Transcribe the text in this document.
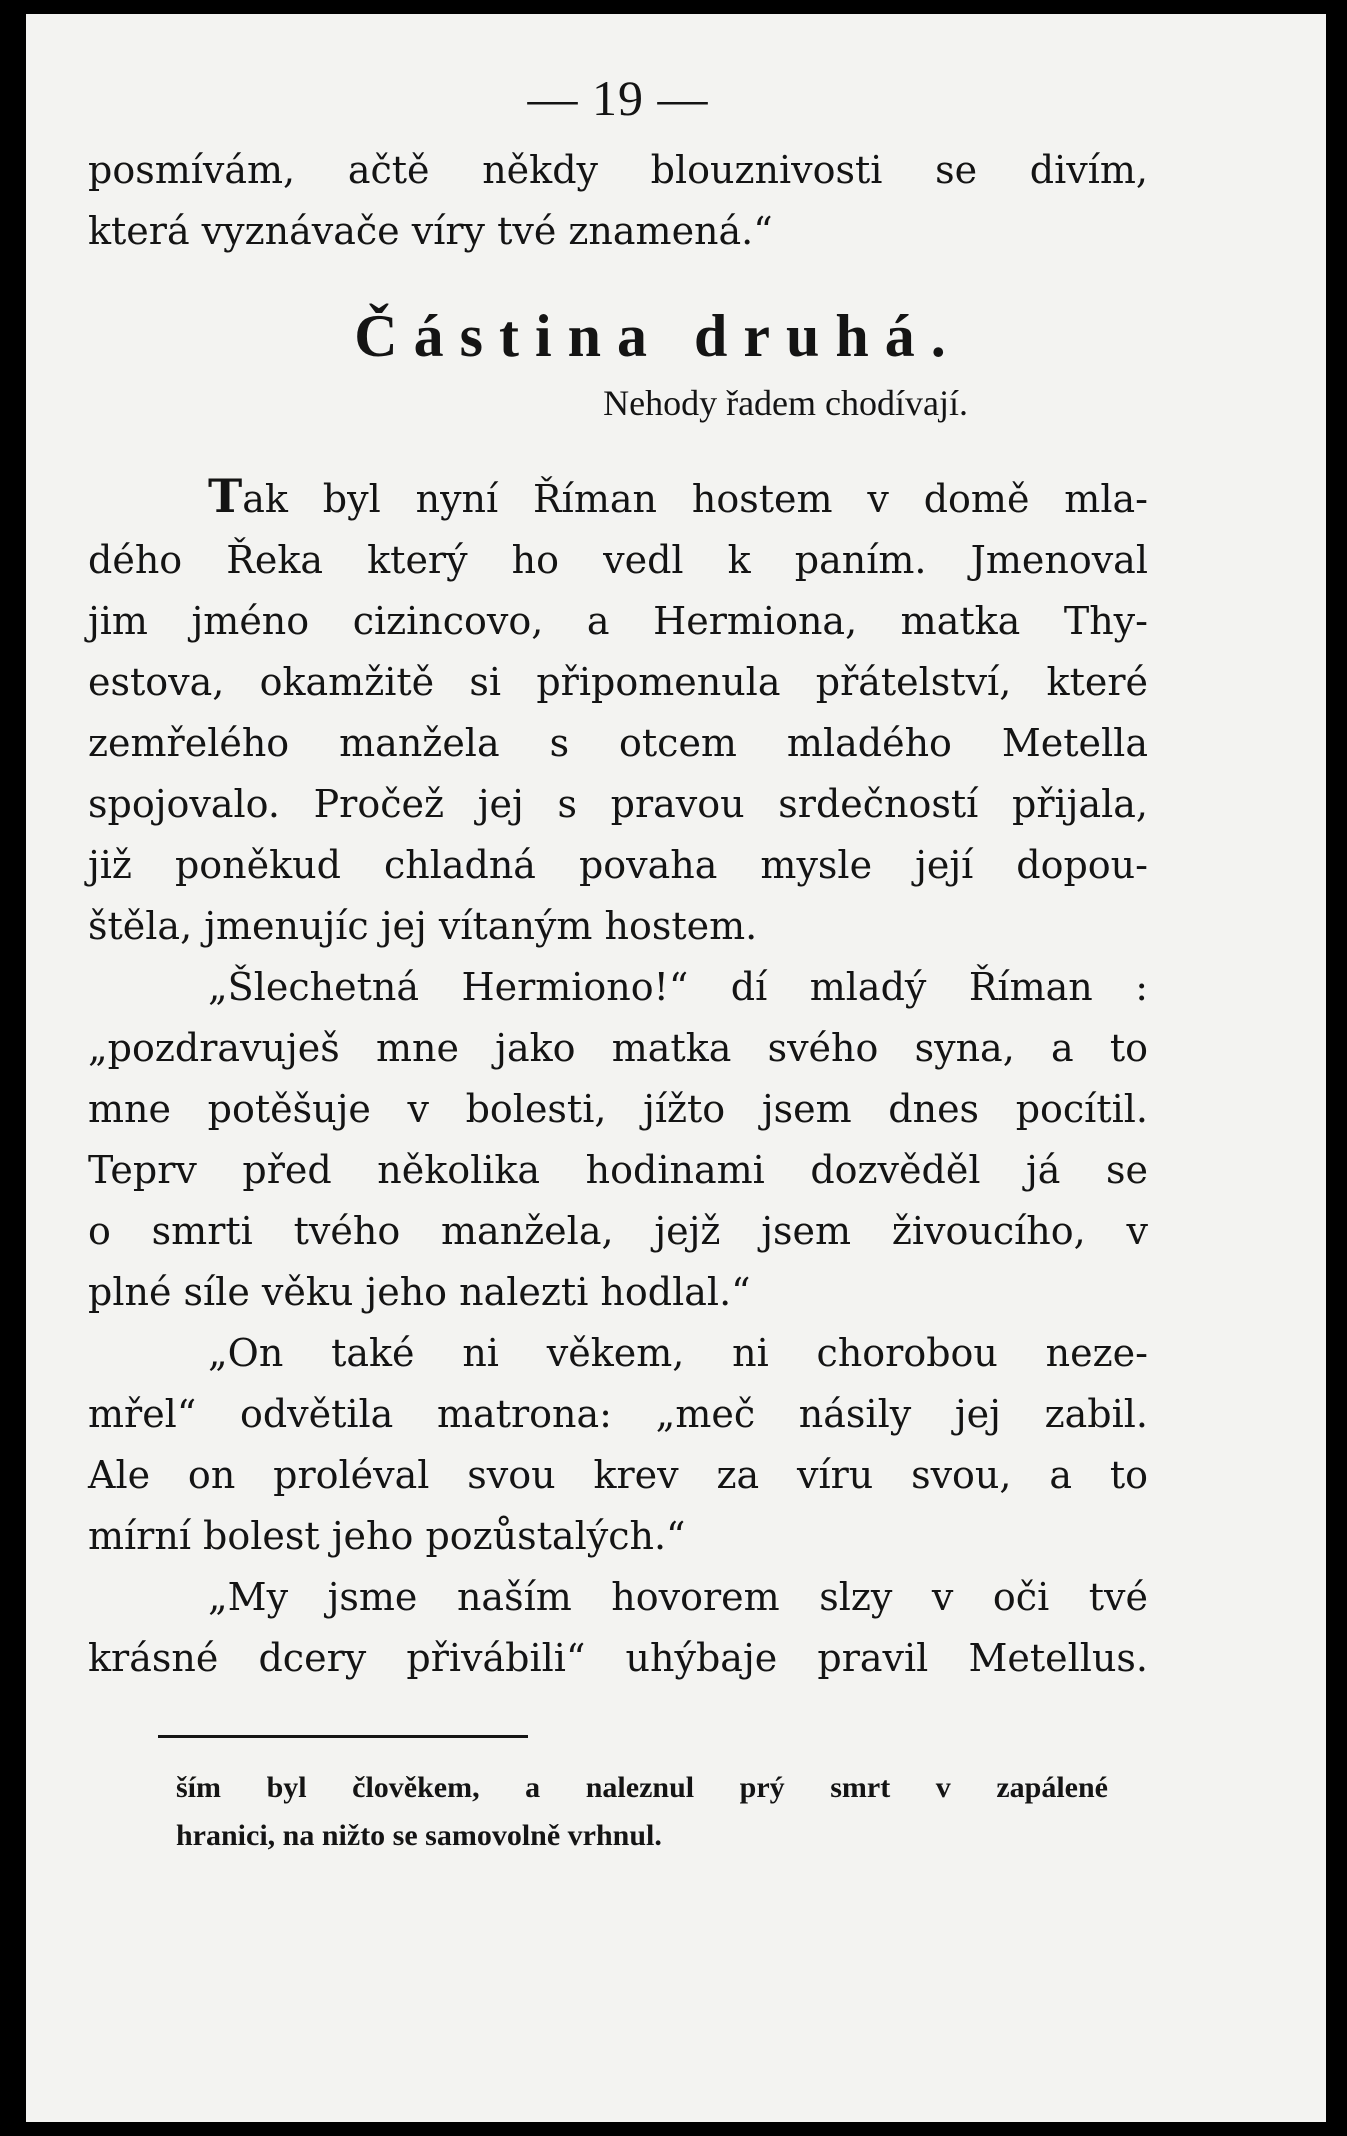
— 19 —
posmívám, ačtě někdy blouznivosti se divím,
která vyznávače víry tvé znamená.“
Částina druhá.
Nehody řadem chodívají.
Tak byl nyní Říman hostem v domě mla-
dého Řeka který ho vedl k paním. Jmenoval
jim jméno cizincovo, a Hermiona, matka Thy-
estova, okamžitě si připomenula přátelství, které
zemřelého manžela s otcem mladého Metella
spojovalo. Pročež jej s pravou srdečností přijala,
již poněkud chladná povaha mysle její dopou-
štěla, jmenujíc jej vítaným hostem.
„Šlechetná Hermiono!“ dí mladý Říman :
„pozdravuješ mne jako matka svého syna, a to
mne potěšuje v bolesti, jížto jsem dnes pocítil.
Teprv před několika hodinami dozvěděl já se
o smrti tvého manžela, jejž jsem živoucího, v
plné síle věku jeho nalezti hodlal.“
„On také ni věkem, ni chorobou neze-
mřel“ odvětila matrona: „meč násily jej zabil.
Ale on proléval svou krev za víru svou, a to
mírní bolest jeho pozůstalých.“
„My jsme naším hovorem slzy v oči tvé
krásné dcery přivábili“ uhýbaje pravil Metellus.
ším byl člověkem, a naleznul prý smrt v zapálené
hranici, na nižto se samovolně vrhnul.
